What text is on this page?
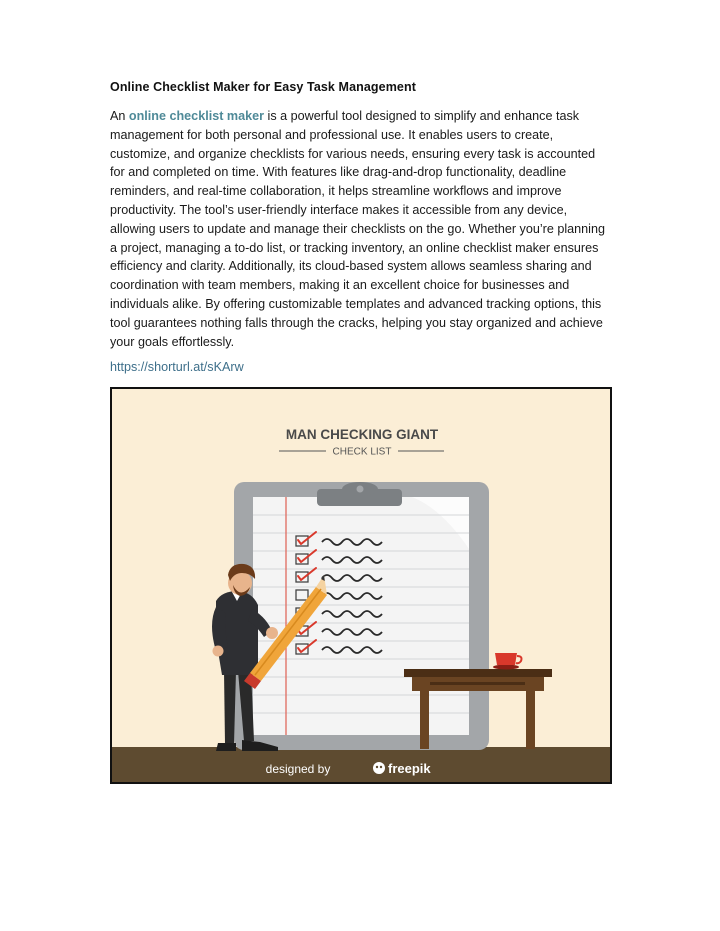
Online Checklist Maker for Easy Task Management
An online checklist maker is a powerful tool designed to simplify and enhance task management for both personal and professional use. It enables users to create, customize, and organize checklists for various needs, ensuring every task is accounted for and completed on time. With features like drag-and-drop functionality, deadline reminders, and real-time collaboration, it helps streamline workflows and improve productivity. The tool’s user-friendly interface makes it accessible from any device, allowing users to update and manage their checklists on the go. Whether you’re planning a project, managing a to-do list, or tracking inventory, an online checklist maker ensures efficiency and clarity. Additionally, its cloud-based system allows seamless sharing and coordination with team members, making it an excellent choice for businesses and individuals alike. By offering customizable templates and advanced tracking options, this tool guarantees nothing falls through the cracks, helping you stay organized and achieve your goals effortlessly.
https://shorturl.at/sKArw
MAN CHECKING GIANT
CHECK LIST
designed by	freepik
